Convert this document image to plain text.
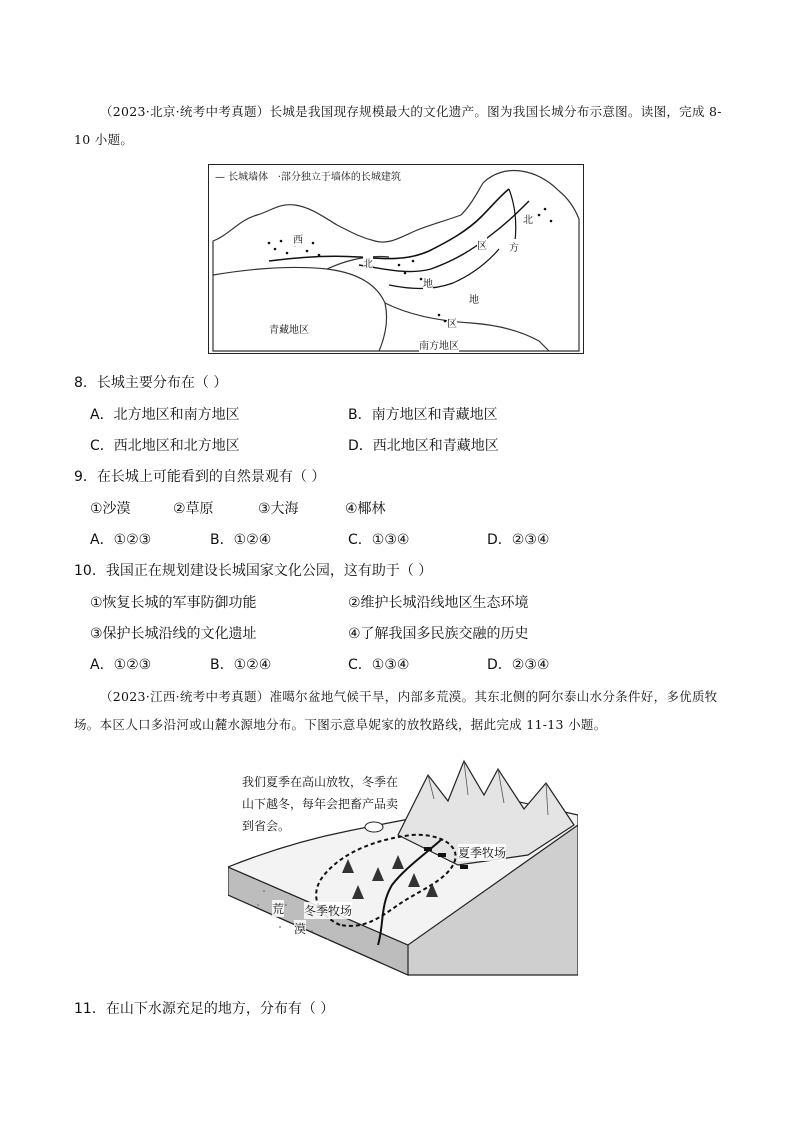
（2023·北京·统考中考真题）长城是我国现存规模最大的文化遗产。图为我国长城分布示意图。读图，完成 8-10 小题。
— 长城墙体 ·部分独立于墙体的长城建筑
西
北
地
区
北
方
地
区
青藏地区
南方地区
8．长城主要分布在（ ）
A．北方地区和南方地区	B．南方地区和青藏地区
C．西北地区和北方地区	D．西北地区和青藏地区
9．在长城上可能看到的自然景观有（ ）
①沙漠	②草原	③大海	④椰林
A．①②③	B．①②④	C．①③④	D．②③④
10．我国正在规划建设长城国家文化公园，这有助于（ ）
①恢复长城的军事防御功能	②维护长城沿线地区生态环境
③保护长城沿线的文化遗址	④了解我国多民族交融的历史
A．①②③	B．①②④	C．①③④	D．②③④
（2023·江西·统考中考真题）准噶尔盆地气候干旱，内部多荒漠。其东北侧的阿尔泰山水分条件好，多优质牧场。本区人口多沿河或山麓水源地分布。下图示意阜妮家的放牧路线，据此完成 11-13 小题。
我们夏季在高山放牧，冬季在山下越冬，每年会把畜产品卖到省会。
夏季牧场
冬季牧场
荒
漠
11．在山下水源充足的地方，分布有（ ）
